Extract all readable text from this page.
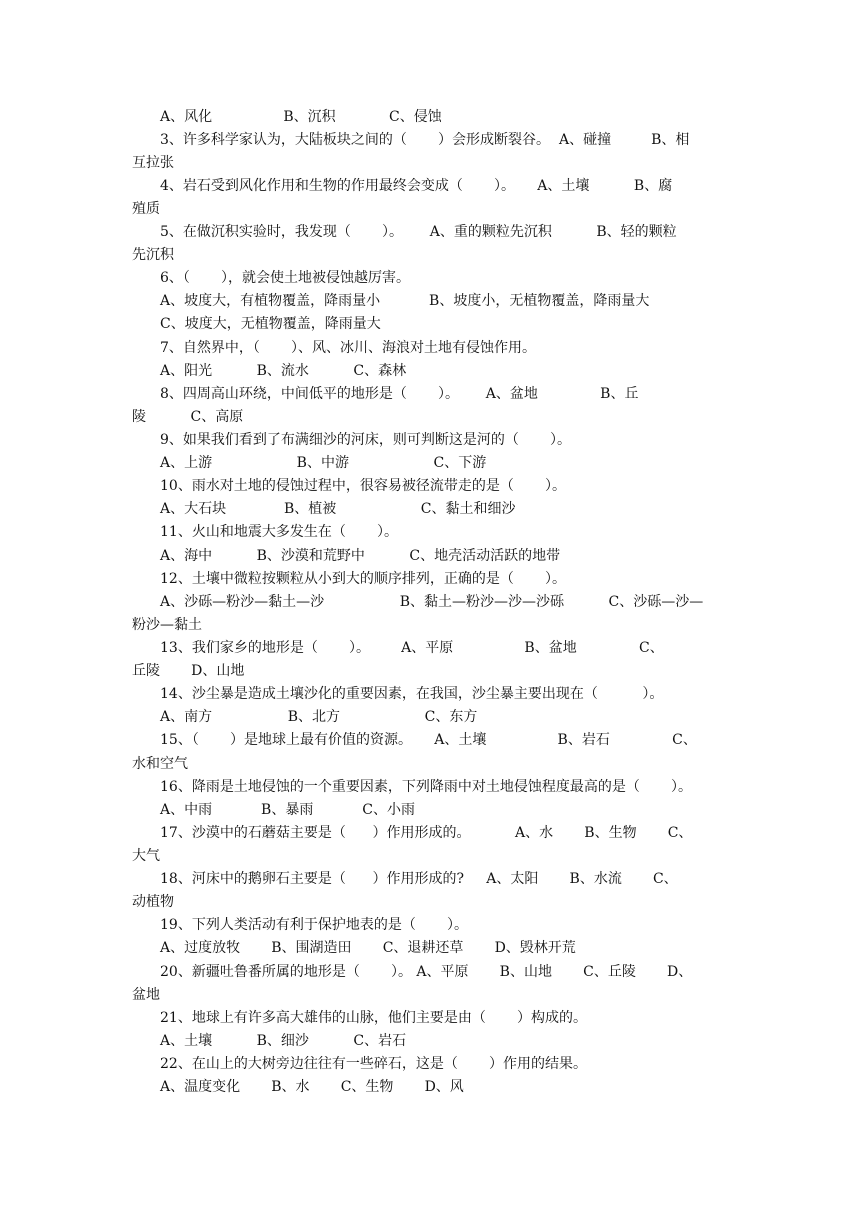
A、风化                B、沉积            C、侵蚀
3、许多科学家认为，大陆板块之间的（       ）会形成断裂谷。  A、碰撞         B、相
互拉张
4、岩石受到风化作用和生物的作用最终会变成（       ）。     A、土壤          B、腐
殖质
5、在做沉积实验时，我发现（       ）。      A、重的颗粒先沉积          B、轻的颗粒
先沉积
6、（       ），就会使土地被侵蚀越厉害。
A、坡度大，有植物覆盖，降雨量小           B、坡度小，无植物覆盖，降雨量大
C、坡度大，无植物覆盖，降雨量大
7、自然界中，（       ）、风、冰川、海浪对土地有侵蚀作用。
A、阳光          B、流水          C、森林
8、四周高山环绕，中间低平的地形是（       ）。      A、盆地              B、丘
陵          C、高原
9、如果我们看到了布满细沙的河床，则可判断这是河的（       ）。
A、上游                   B、中游                   C、下游
10、雨水对土地的侵蚀过程中，很容易被径流带走的是（       ）。
A、大石块             B、植被                   C、黏土和细沙
11、火山和地震大多发生在（       ）。
A、海中          B、沙漠和荒野中          C、地壳活动活跃的地带
12、土壤中微粒按颗粒从小到大的顺序排列，正确的是（       ）。
A、沙砾—粉沙—黏土—沙                 B、黏土—粉沙—沙—沙砾          C、沙砾—沙—
粉沙—黏土
13、我们家乡的地形是（       ）。       A、平原                B、盆地              C、
丘陵       D、山地
14、沙尘暴是造成土壤沙化的重要因素，在我国，沙尘暴主要出现在（          ）。
A、南方                 B、北方                   C、东方
15、（       ）是地球上最有价值的资源。     A、土壤                B、岩石              C、
水和空气
16、降雨是土地侵蚀的一个重要因素，下列降雨中对土地侵蚀程度最高的是（       ）。
A、中雨           B、暴雨           C、小雨
17、沙漠中的石蘑菇主要是（      ）作用形成的。          A、水       B、生物       C、
大气
18、河床中的鹅卵石主要是（      ）作用形成的?     A、太阳       B、水流       C、
动植物
19、下列人类活动有利于保护地表的是（       ）。
A、过度放牧       B、围湖造田       C、退耕还草       D、毁林开荒
20、新疆吐鲁番所属的地形是（       ）。 A、平原       B、山地       C、丘陵       D、
盆地
21、地球上有许多高大雄伟的山脉，他们主要是由（       ）构成的。
A、土壤          B、细沙          C、岩石
22、在山上的大树旁边往往有一些碎石，这是（       ）作用的结果。
A、温度变化       B、水       C、生物       D、风
